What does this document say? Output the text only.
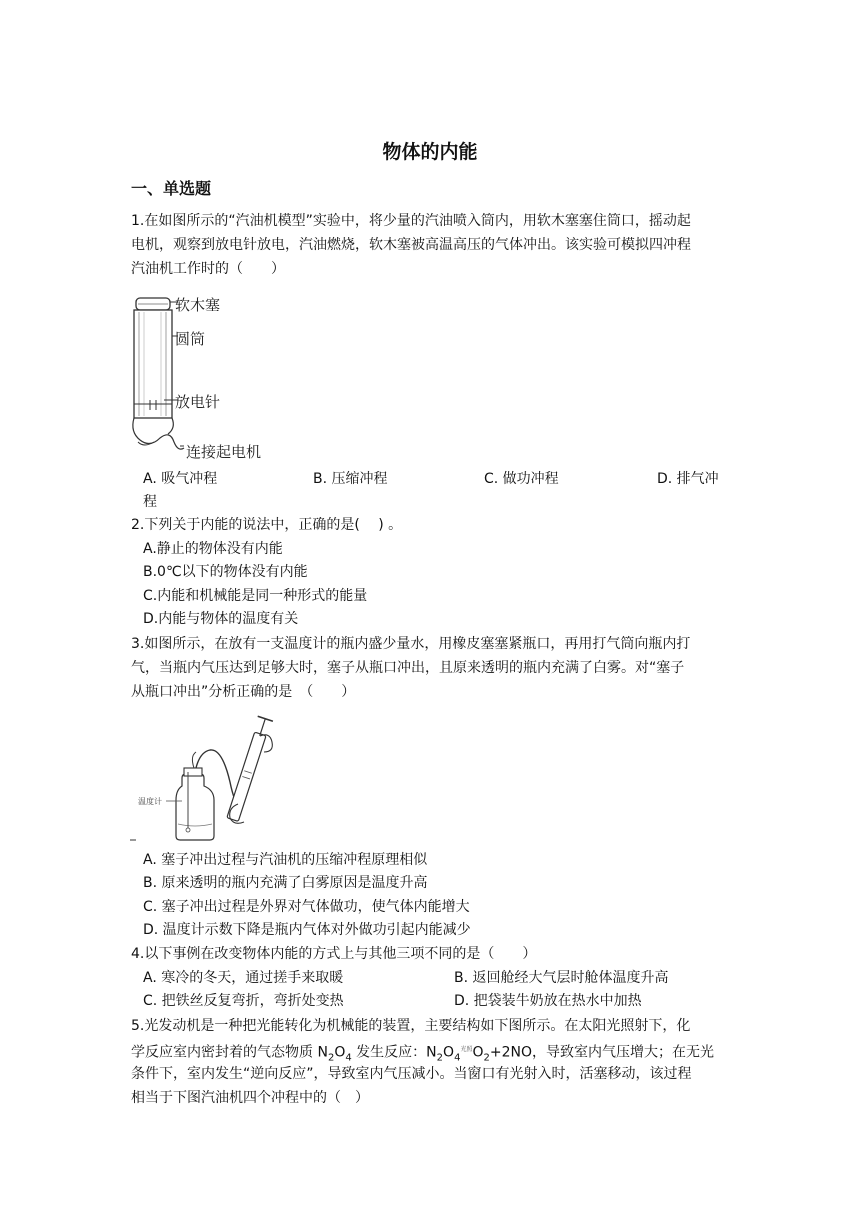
物体的内能
一、单选题
1.在如图所示的“汽油机模型”实验中，将少量的汽油喷入筒内，用软木塞塞住筒口，摇动起
电机，观察到放电针放电，汽油燃烧，软木塞被高温高压的气体冲出。该实验可模拟四冲程
汽油机工作时的（　　）
软木塞
圆筒
放电针
连接起电机
A. 吸气冲程	B. 压缩冲程	C. 做功冲程	D. 排气冲
程
2.下列关于内能的说法中，正确的是(　 ) 。
A.静止的物体没有内能
B.0℃以下的物体没有内能
C.内能和机械能是同一种形式的能量
D.内能与物体的温度有关
3.如图所示，在放有一支温度计的瓶内盛少量水，用橡皮塞塞紧瓶口，再用打气筒向瓶内打
气，当瓶内气压达到足够大时，塞子从瓶口冲出，且原来透明的瓶内充满了白雾。对“塞子
从瓶口冲出”分析正确的是　（　　）
温度计
A. 塞子冲出过程与汽油机的压缩冲程原理相似
B. 原来透明的瓶内充满了白雾原因是温度升高
C. 塞子冲出过程是外界对气体做功，使气体内能增大
D. 温度计示数下降是瓶内气体对外做功引起内能减少
4.以下事例在改变物体内能的方式上与其他三项不同的是（　　）
A. 寒冷的冬天，通过搓手来取暖	B. 返回舱经大气层时舱体温度升高
C. 把铁丝反复弯折，弯折处变热	D. 把袋装牛奶放在热水中加热
5.光发动机是一种把光能转化为机械能的装置，主要结构如下图所示。在太阳光照射下，化
学反应室内密封着的气态物质 $N_2O_4$ 发生反应：$N_2O_4^{光照}O_2+2NO$，导致室内气压增大；在无光
条件下，室内发生“逆向反应”，导致室内气压减小。当窗口有光射入时，活塞移动，该过程
相当于下图汽油机四个冲程中的（　）
